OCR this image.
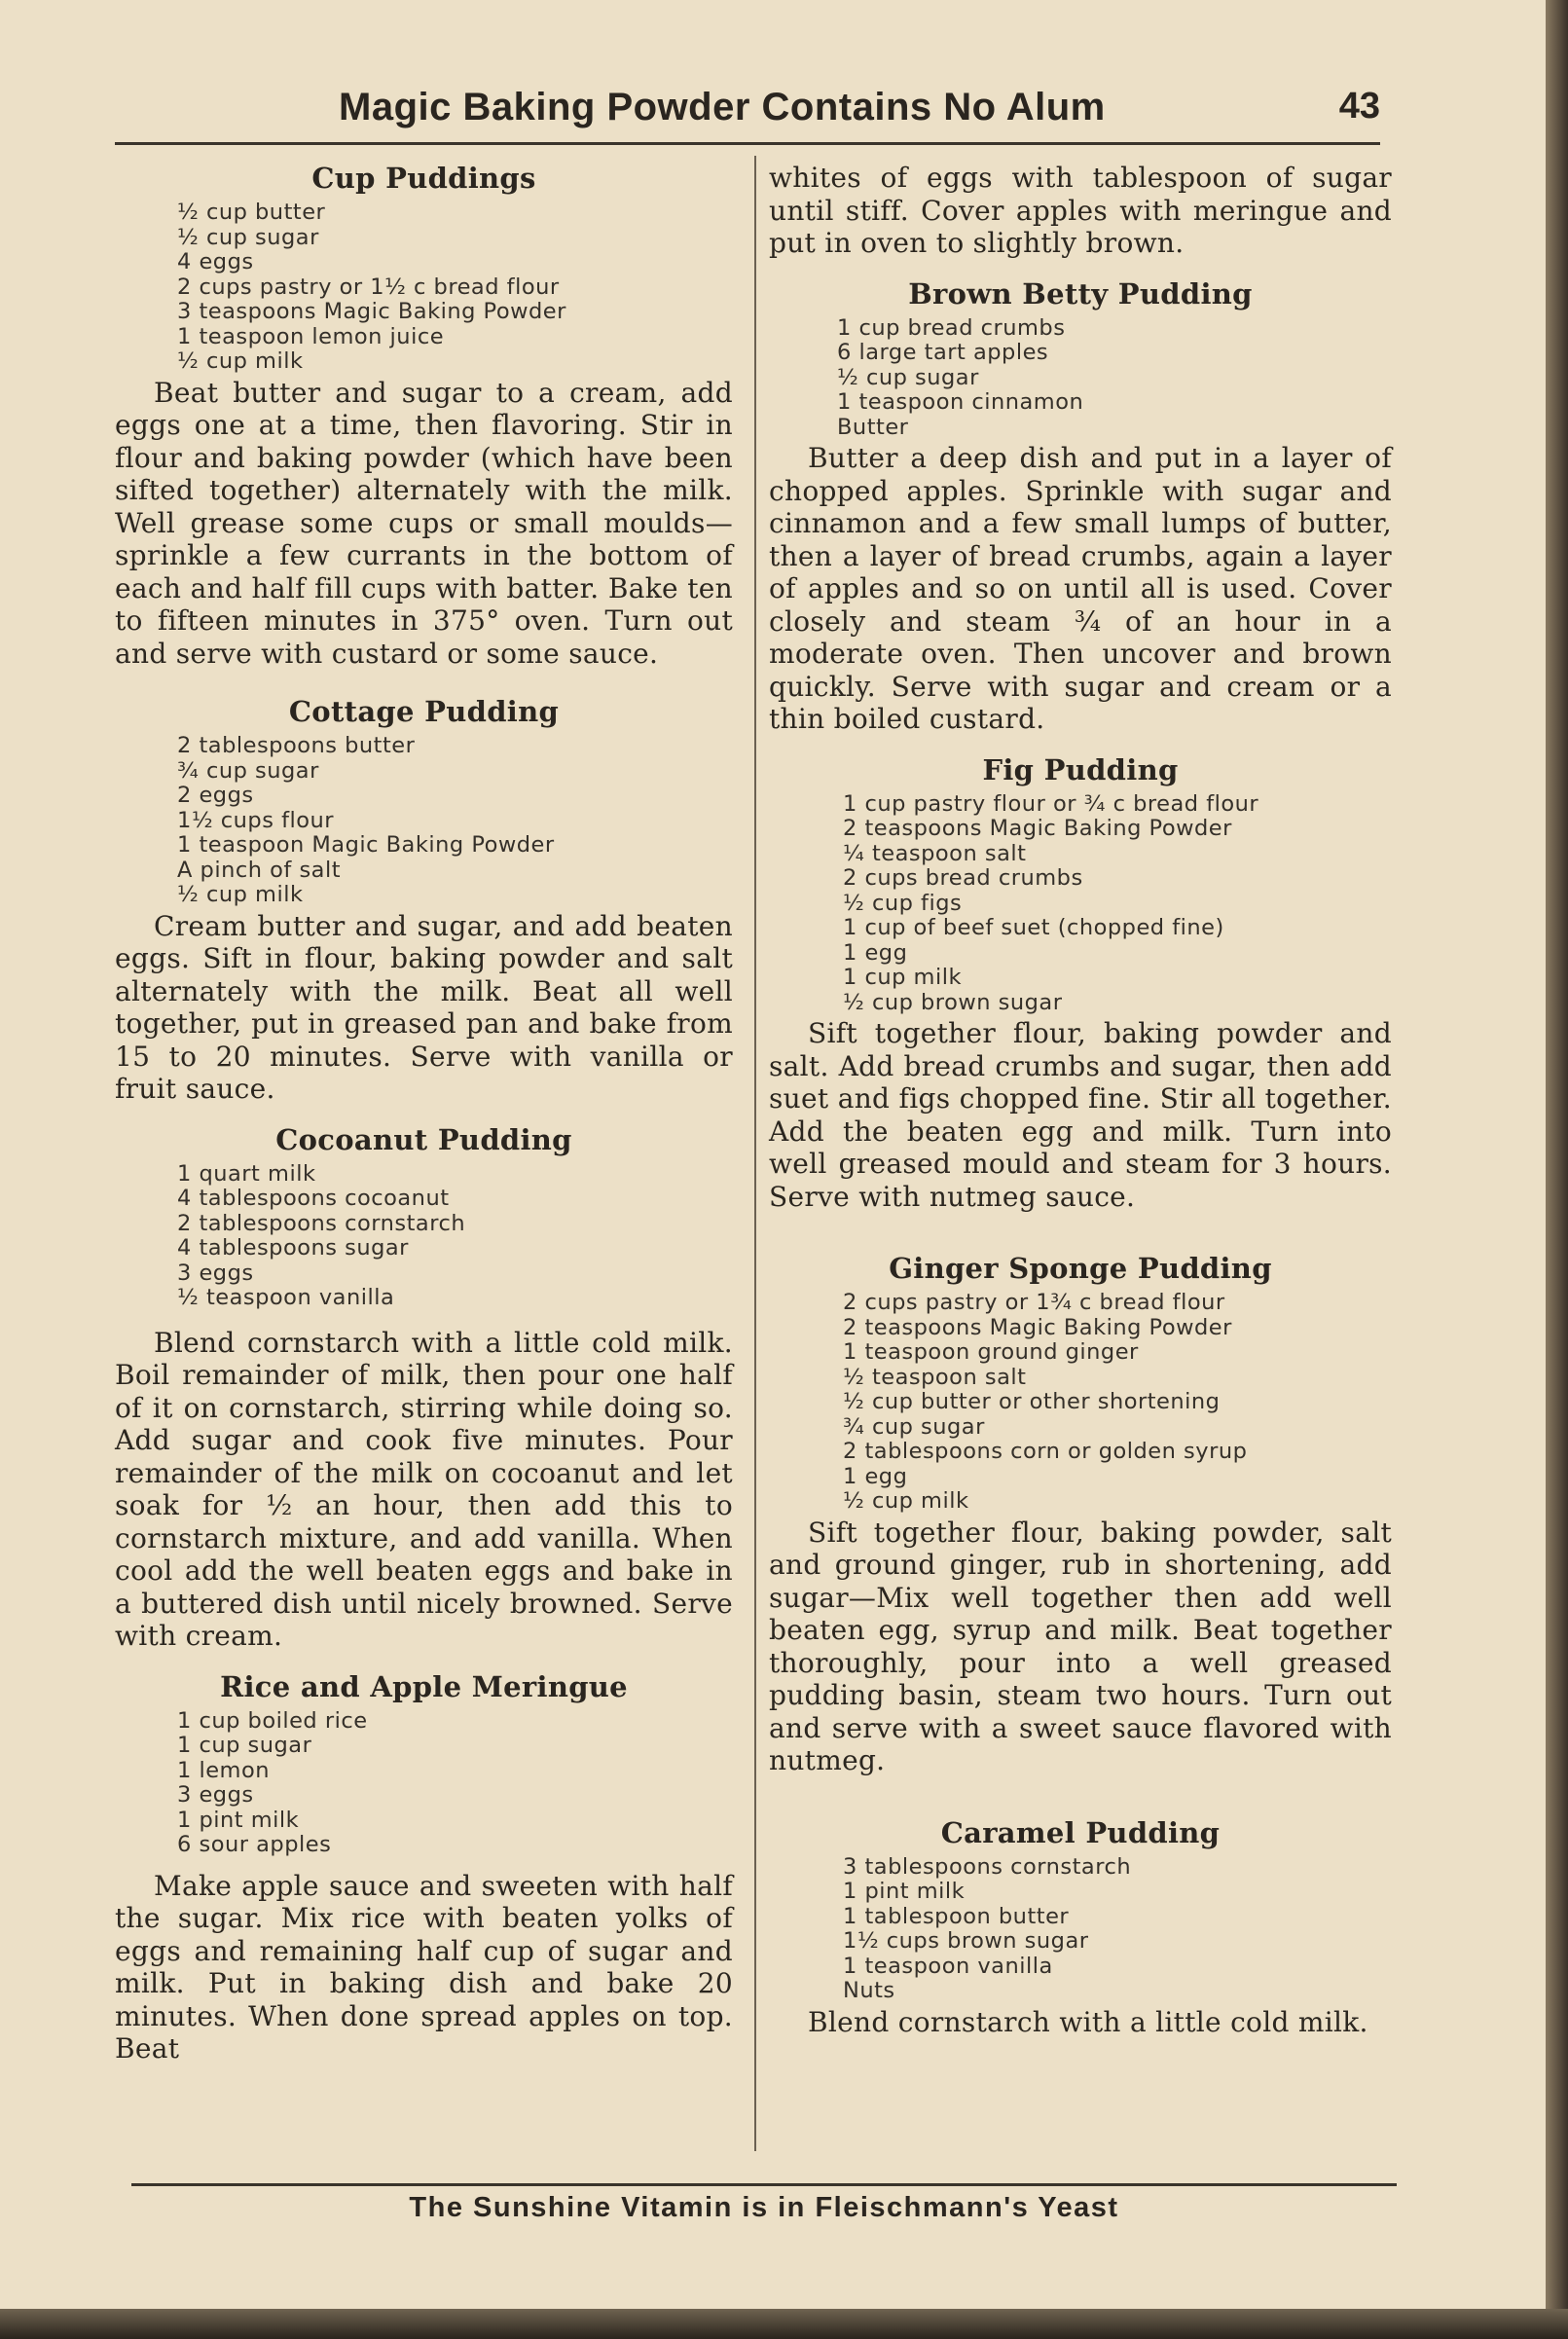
Magic Baking Powder Contains No Alum	43
Cup Puddings
½ cup butter
½ cup sugar
4 eggs
2 cups pastry or 1½ c bread flour
3 teaspoons Magic Baking Powder
1 teaspoon lemon juice
½ cup milk

Beat butter and sugar to a cream, add eggs one at a time, then flavoring. Stir in flour and baking powder (which have been sifted together) alternately with the milk. Well grease some cups or small moulds—sprinkle a few currants in the bottom of each and half fill cups with batter. Bake ten to fifteen minutes in 375° oven. Turn out and serve with custard or some sauce.

Cottage Pudding
2 tablespoons butter
¾ cup sugar
2 eggs
1½ cups flour
1 teaspoon Magic Baking Powder
A pinch of salt
½ cup milk

Cream butter and sugar, and add beaten eggs. Sift in flour, baking powder and salt alternately with the milk. Beat all well together, put in greased pan and bake from 15 to 20 minutes. Serve with vanilla or fruit sauce.

Cocoanut Pudding
1 quart milk
4 tablespoons cocoanut
2 tablespoons cornstarch
4 tablespoons sugar
3 eggs
½ teaspoon vanilla

Blend cornstarch with a little cold milk. Boil remainder of milk, then pour one half of it on cornstarch, stirring while doing so. Add sugar and cook five minutes. Pour remainder of the milk on cocoanut and let soak for ½ an hour, then add this to cornstarch mixture, and add vanilla. When cool add the well beaten eggs and bake in a buttered dish until nicely browned. Serve with cream.

Rice and Apple Meringue
1 cup boiled rice
1 cup sugar
1 lemon
3 eggs
1 pint milk
6 sour apples

Make apple sauce and sweeten with half the sugar. Mix rice with beaten yolks of eggs and remaining half cup of sugar and milk. Put in baking dish and bake 20 minutes. When done spread apples on top. Beat

whites of eggs with tablespoon of sugar until stiff. Cover apples with meringue and put in oven to slightly brown.

Brown Betty Pudding
1 cup bread crumbs
6 large tart apples
½ cup sugar
1 teaspoon cinnamon
Butter

Butter a deep dish and put in a layer of chopped apples. Sprinkle with sugar and cinnamon and a few small lumps of butter, then a layer of bread crumbs, again a layer of apples and so on until all is used. Cover closely and steam ¾ of an hour in a moderate oven. Then uncover and brown quickly. Serve with sugar and cream or a thin boiled custard.

Fig Pudding
1 cup pastry flour or ¾ c bread flour
2 teaspoons Magic Baking Powder
¼ teaspoon salt
2 cups bread crumbs
½ cup figs
1 cup of beef suet (chopped fine)
1 egg
1 cup milk
½ cup brown sugar

Sift together flour, baking powder and salt. Add bread crumbs and sugar, then add suet and figs chopped fine. Stir all together. Add the beaten egg and milk. Turn into well greased mould and steam for 3 hours. Serve with nutmeg sauce.

Ginger Sponge Pudding
2 cups pastry or 1¾ c bread flour
2 teaspoons Magic Baking Powder
1 teaspoon ground ginger
½ teaspoon salt
½ cup butter or other shortening
¾ cup sugar
2 tablespoons corn or golden syrup
1 egg
½ cup milk

Sift together flour, baking powder, salt and ground ginger, rub in shortening, add sugar—Mix well together then add well beaten egg, syrup and milk. Beat together thoroughly, pour into a well greased pudding basin, steam two hours. Turn out and serve with a sweet sauce flavored with nutmeg.

Caramel Pudding
3 tablespoons cornstarch
1 pint milk
1 tablespoon butter
1½ cups brown sugar
1 teaspoon vanilla
Nuts

Blend cornstarch with a little cold milk.

The Sunshine Vitamin is in Fleischmann's Yeast
